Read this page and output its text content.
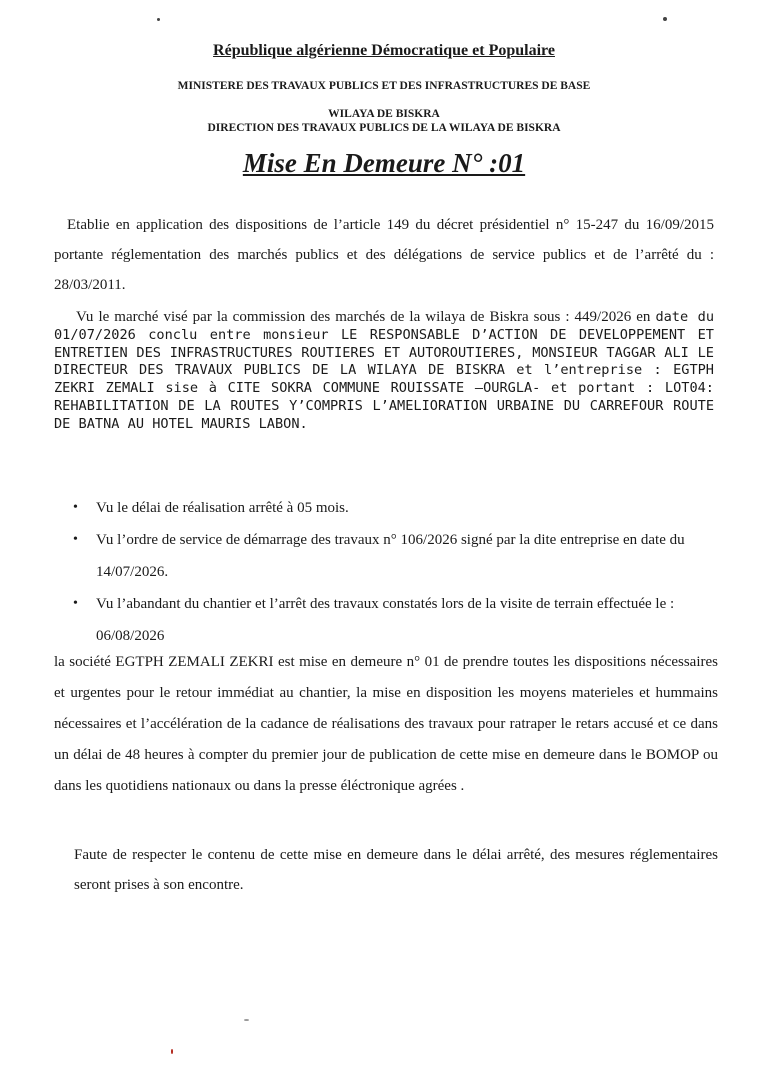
République algérienne Démocratique et Populaire
MINISTERE DES TRAVAUX PUBLICS ET DES INFRASTRUCTURES DE BASE
WILAYA DE BISKRA
DIRECTION DES TRAVAUX PUBLICS DE LA WILAYA DE BISKRA
Mise En Demeure N° :01
Etablie en application des dispositions de l’article 149 du décret présidentiel n° 15-247 du 16/09/2015 portante réglementation des marchés publics et des délégations de service publics et de l’arrêté du : 28/03/2011.
Vu le marché visé par la commission des marchés de la wilaya de Biskra sous : 449/2026 en date du 01/07/2026 conclu entre monsieur LE RESPONSABLE D’ACTION DE DEVELOPPEMENT ET ENTRETIEN DES INFRASTRUCTURES ROUTIERES ET AUTOROUTIERES, MONSIEUR TAGGAR ALI LE DIRECTEUR DES TRAVAUX PUBLICS DE LA WILAYA DE BISKRA et l’entreprise : EGTPH ZEKRI ZEMALI sise à CITE SOKRA COMMUNE ROUISSATE –OURGLA- et portant : LOT04: REHABILITATION DE LA ROUTES Y’COMPRIS L’AMELIORATION URBAINE DU CARREFOUR ROUTE DE BATNA AU HOTEL MAURIS LABON.
• Vu le délai de réalisation arrêté à 05 mois.
• Vu l’ordre de service de démarrage des travaux n° 106/2026 signé par la dite entreprise en date du 14/07/2026.
• Vu l’abandant du chantier et l’arrêt des travaux constatés lors de la visite de terrain effectuée le : 06/08/2026
la société EGTPH ZEMALI ZEKRI est mise en demeure n° 01 de prendre toutes les dispositions nécessaires et urgentes pour le retour immédiat au chantier, la mise en disposition les moyens materieles et hummains nécessaires et l’accélération de la cadance de réalisations des travaux pour ratraper le retars accusé et ce dans un délai de 48 heures à compter du premier jour de publication de cette mise en demeure dans le BOMOP ou dans les quotidiens nationaux ou dans la presse éléctronique agrées .
Faute de respecter le contenu de cette mise en demeure dans le délai arrêté, des mesures réglementaires seront prises à son encontre.
